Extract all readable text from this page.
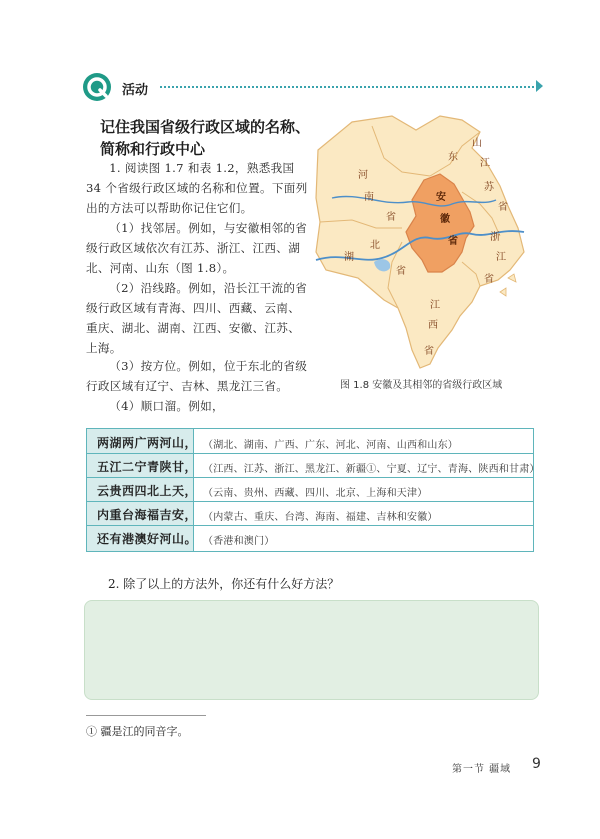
活动
记住我国省级行政区域的名称、简称和行政中心
1. 阅读图 1.7 和表 1.2，熟悉我国 34 个省级行政区域的名称和位置。下面列出的方法可以帮助你记住它们。
（1）找邻居。例如，与安徽相邻的省级行政区域依次有江苏、浙江、江西、湖北、河南、山东（图 1.8）。
（2）沿线路。例如，沿长江干流的省级行政区域有青海、四川、西藏、云南、重庆、湖北、湖南、江西、安徽、江苏、上海。
（3）按方位。例如，位于东北的省级行政区域有辽宁、吉林、黑龙江三省。
（4）顺口溜。例如，
山
东
河
南
省
江
苏
省
安
徽
省
湖
北
省
浙
江
省
江
西
省
图 1.8 安徽及其相邻的省级行政区域
两湖两广两河山， （湖北、湖南、广西、广东、河北、河南、山西和山东）
五江二宁青陕甘， （江西、江苏、浙江、黑龙江、新疆①、宁夏、辽宁、青海、陕西和甘肃）
云贵西四北上天， （云南、贵州、西藏、四川、北京、上海和天津）
内重台海福吉安， （内蒙古、重庆、台湾、海南、福建、吉林和安徽）
还有港澳好河山。 （香港和澳门）
2. 除了以上的方法外，你还有什么好方法？
① 疆是江的同音字。
第一节 疆域 9
